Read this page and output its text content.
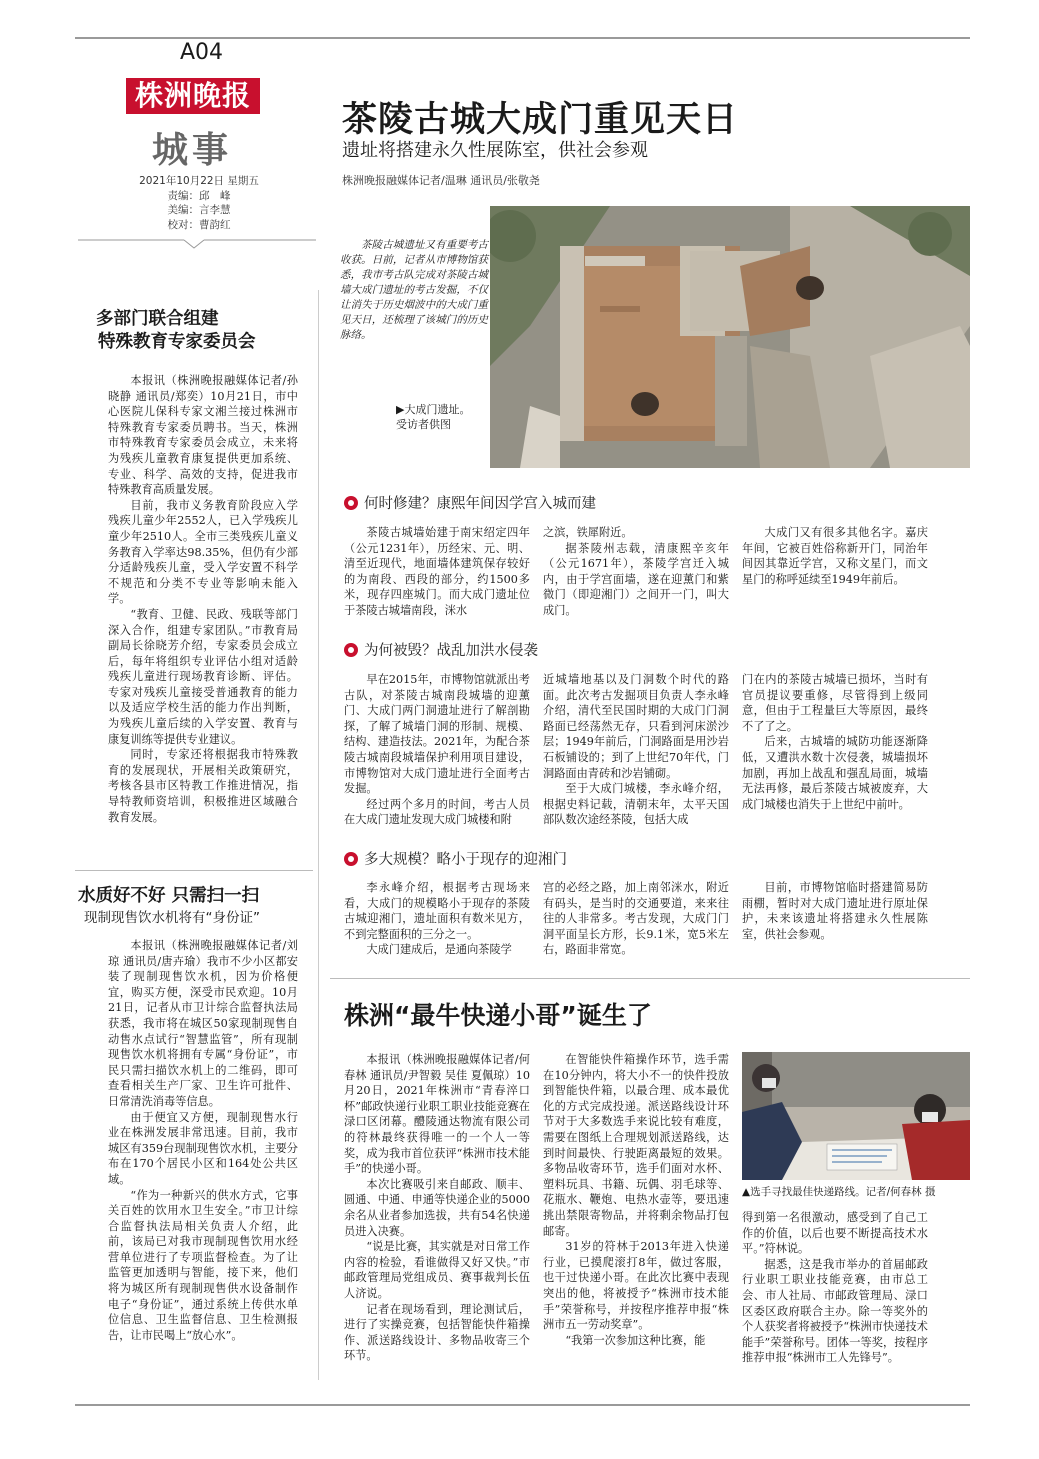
A04
株洲晚报
城事
2021年10月22日 星期五
责编：邱　峰
美编：言李慧
校对：曹韵红
多部门联合组建
特殊教育专家委员会

本报讯（株洲晚报融媒体记者/孙晓静 通讯员/郑奕）10月21日，市中心医院儿保科专家文湘兰接过株洲市特殊教育专家委员聘书。当天，株洲市特殊教育专家委员会成立，未来将为残疾儿童教育康复提供更加系统、专业、科学、高效的支持，促进我市特殊教育高质量发展。

目前，我市义务教育阶段应入学残疾儿童少年2552人，已入学残疾儿童少年2510人。全市三类残疾儿童义务教育入学率达98.35%，但仍有少部分适龄残疾儿童，受入学安置不科学不规范和分类不专业等影响未能入学。

“教育、卫健、民政、残联等部门深入合作，组建专家团队。”市教育局副局长徐晓芳介绍，专家委员会成立后，每年将组织专业评估小组对适龄残疾儿童进行现场教育诊断、评估。专家对残疾儿童接受普通教育的能力以及适应学校生活的能力作出判断，为残疾儿童后续的入学安置、教育与康复训练等提供专业建议。

同时，专家还将根据我市特殊教育的发展现状，开展相关政策研究，考核各县市区特教工作推进情况，指导特教师资培训，积极推进区域融合教育发展。

水质好不好 只需扫一扫
现制现售饮水机将有“身份证”

本报讯（株洲晚报融媒体记者/刘琼 通讯员/唐卉瑜）我市不少小区都安装了现制现售饮水机，因为价格便宜，购买方便，深受市民欢迎。10月21日，记者从市卫计综合监督执法局获悉，我市将在城区50家现制现售自动售水点试行“智慧监管”，所有现制现售饮水机将拥有专属“身份证”，市民只需扫描饮水机上的二维码，即可查看相关生产厂家、卫生许可批件、日常清洗消毒等信息。

由于便宜又方便，现制现售水行业在株洲发展非常迅速。目前，我市城区有359台现制现售饮水机，主要分布在170个居民小区和164处公共区域。

“作为一种新兴的供水方式，它事关百姓的饮用水卫生安全。”市卫计综合监督执法局相关负责人介绍，此前，该局已对我市现制现售饮用水经营单位进行了专项监督检查。为了让监管更加透明与智能，接下来，他们将为城区所有现制现售供水设备制作电子“身份证”，通过系统上传供水单位信息、卫生监督信息、卫生检测报告，让市民喝上“放心水”。

茶陵古城大成门重见天日
遗址将搭建永久性展陈室，供社会参观
株洲晚报融媒体记者/温琳 通讯员/张敬尧
茶陵古城遗址又有重要考古收获。日前，记者从市博物馆获悉，我市考古队完成对茶陵古城墙大成门遗址的考古发掘，不仅让消失于历史烟波中的大成门重见天日，还梳理了该城门的历史脉络。
▶大成门遗址。
受访者供图
何时修建？康熙年间因学宫入城而建

茶陵古城墙始建于南宋绍定四年（公元1231年），历经宋、元、明、清至近现代，地面墙体建筑保存较好的为南段、西段的部分，约1500多米，现存四座城门。而大成门遗址位于茶陵古城墙南段，洣水

之滨，铁犀附近。

据茶陵州志载，清康熙辛亥年（公元1671年），茶陵学宫迁入城内，由于学宫面墙，遂在迎薰门和紫微门（即迎湘门）之间开一门，叫大成门。

大成门又有很多其他名字。嘉庆年间，它被百姓俗称新开门，同治年间因其靠近学宫，又称文星门，而文星门的称呼延续至1949年前后。

为何被毁？战乱加洪水侵袭

早在2015年，市博物馆就派出考古队，对茶陵古城南段城墙的迎薰门、大成门两门洞遗址进行了解剖勘探，了解了城墙门洞的形制、规模、结构、建造技法。2021年，为配合茶陵古城南段城墙保护利用项目建设，市博物馆对大成门遗址进行全面考古发掘。

经过两个多月的时间，考古人员在大成门遗址发现大成门城楼和附

近城墙地基以及门洞数个时代的路面。此次考古发掘项目负责人李永峰介绍，清代至民国时期的大成门门洞路面已经荡然无存，只看到河床淤沙层；1949年前后，门洞路面是用沙岩石板铺设的；到了上世纪70年代，门洞路面由青砖和沙岩铺砌。

至于大成门城楼，李永峰介绍，根据史料记载，清朝末年，太平天国部队数次途经茶陵，包括大成

门在内的茶陵古城墙已损坏，当时有官员提议要重修，尽管得到上级同意，但由于工程量巨大等原因，最终不了了之。

后来，古城墙的城防功能逐渐降低，又遭洪水数十次侵袭，城墙损坏加剧，再加上战乱和强乱局面，城墙无法再修，最后茶陵古城被废弃，大成门城楼也消失于上世纪中前叶。

多大规模？略小于现存的迎湘门

李永峰介绍，根据考古现场来看，大成门的规模略小于现存的茶陵古城迎湘门，遗址面积有数米见方，不到完整面积的三分之一。

大成门建成后，是通向茶陵学

宫的必经之路，加上南邻洣水，附近有码头，是当时的交通要道，来来往往的人非常多。考古发现，大成门门洞平面呈长方形，长9.1米，宽5米左右，路面非常宽。

目前，市博物馆临时搭建简易防雨棚，暂时对大成门遗址进行原址保护，未来该遗址将搭建永久性展陈室，供社会参观。

株洲“最牛快递小哥”诞生了

本报讯（株洲晚报融媒体记者/何春林 通讯员/尹智毅 吴佳 夏佩琼）10月20日，2021年株洲市“青春淬口杯”邮政快递行业职工职业技能竞赛在渌口区闭幕。醴陵通达物流有限公司的符林最终获得唯一的一个人一等奖，成为我市首位获评“株洲市技术能手”的快递小哥。

本次比赛吸引来自邮政、顺丰、圆通、中通、申通等快递企业的5000余名从业者参加选拔，共有54名快递员进入决赛。

“说是比赛，其实就是对日常工作内容的检验，看谁做得又好又快。”市邮政管理局党组成员、赛事裁判长伍人济说。

记者在现场看到，理论测试后，进行了实操竞赛，包括智能快件箱操作、派送路线设计、多物品收寄三个环节。

在智能快件箱操作环节，选手需在10分钟内，将大小不一的快件投放到智能快件箱，以最合理、成本最优化的方式完成投递。派送路线设计环节对于大多数选手来说比较有难度，需要在图纸上合理规划派送路线，达到时间最快、行驶距离最短的效果。多物品收寄环节，选手们面对水杯、塑料玩具、书籍、玩偶、羽毛球等、花瓶水、鞭炮、电热水壶等，要迅速挑出禁限寄物品，并将剩余物品打包邮寄。

31岁的符林于2013年进入快递行业，已摸爬滚打8年，做过客服，也干过快递小哥。在此次比赛中表现突出的他，将被授予“株洲市技术能手”荣誉称号，并按程序推荐申报“株洲市五一劳动奖章”。

“我第一次参加这种比赛，能

▲选手寻找最佳快递路线。记者/何春林 摄

得到第一名很激动，感受到了自己工作的价值，以后也要不断提高技术水平。”符林说。

据悉，这是我市举办的首届邮政行业职工职业技能竞赛，由市总工会、市人社局、市邮政管理局、渌口区委区政府联合主办。除一等奖外的个人获奖者将被授予“株洲市快递技术能手”荣誉称号。团体一等奖，按程序推荐申报“株洲市工人先锋号”。
